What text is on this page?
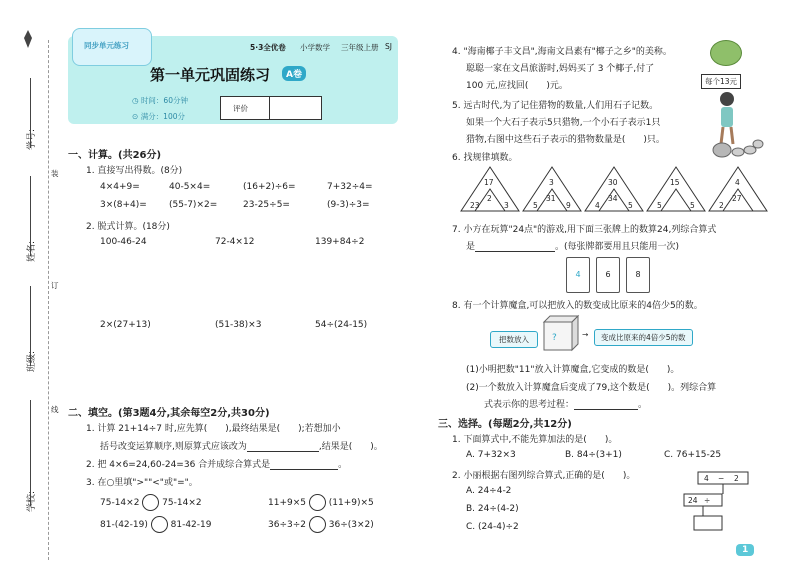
学号:
姓名:
班级:
学校:
装
订
线
同步单元练习	5·3全优卷 小学数学 三年级上册 SJ
第一单元巩固练习	A卷
◷ 时间：60分钟
⊙ 满分：100分
评价
一、计算。(共26分)
1. 直接写出得数。(8分)
4×4+9=	40-5×4=	(16+2)÷6=	7+32÷4=
3×(8+4)= (55-7)×2=	23-25÷5=	(9-3)÷3=
2. 脱式计算。(18分)
100-46-24	72-4×12	139+84÷2
2×(27+13)	(51-38)×3	54÷(24-15)
二、填空。(第3题4分,其余每空2分,共30分)
1. 计算 21+14÷7 时,应先算(　　),最终结果是(　　);若想加小
括号改变运算顺序,则原算式应该改为	,结果是(　　)。
2. 把 4×6=24,60-24=36 合并成综合算式是	。
3. 在○里填">""<"或"="。
75-14×2	75-14×2	11+9×5	(11+9)×5
81-(42-19)	81-42-19	36÷3÷2	36÷(3×2)
4. "海南椰子丰文昌",海南文昌素有"椰子之乡"的美称。
聪聪一家在文昌旅游时,妈妈买了 3 个椰子,付了
100 元,应找回(　　)元。	每个13元
5. 远古时代,为了记住猎物的数量,人们用石子记数。
如果一个大石子表示5只猎物,一个小石子表示1只
猎物,右图中这些石子表示的猎物数量是(　　)只。
6. 找规律填数。
17
2
23	3
3
31
5	9
30
34
4	5
15
5	5
4
27
2
7. 小方在玩算"24点"的游戏,用下面三张牌上的数算24,列综合算式
是	。(每张牌都要用且只能用一次)
4	6	8
8. 有一个计算魔盒,可以把放入的数变成比原来的4倍少5的数。
把数放入	?	→	变成比原来的4倍少5的数
(1)小明把数"11"放入计算魔盒,它变成的数是(　　)。
(2)一个数放入计算魔盒后变成了79,这个数是(　　)。列综合算
式表示你的思考过程：	。
三、选择。(每题2分,共12分)
1. 下面算式中,不能先算加法的是(　　)。
A. 7+32×3	B. 84÷(3+1)	C. 76+15-25
2. 小丽根据右图列综合算式,正确的是(　　)。
A. 24÷4-2
B. 24÷(4-2)
C. (24-4)÷2
4 − 2
24 ÷
1
